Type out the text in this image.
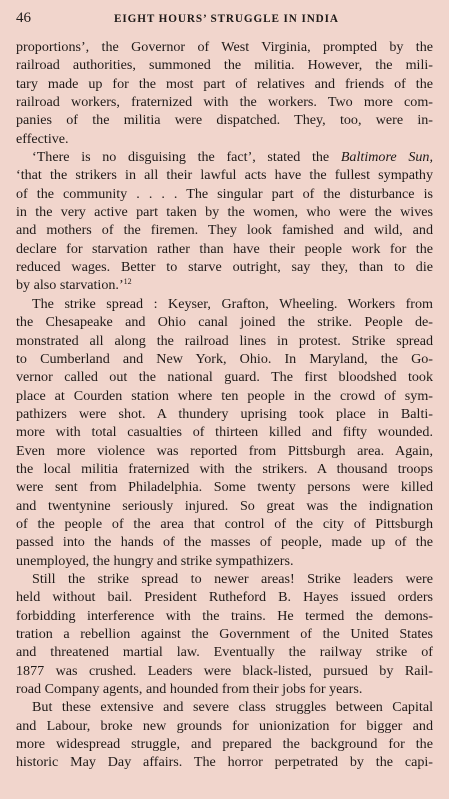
46	EIGHT HOURS’ STRUGGLE IN INDIA
proportions’, the Governor of West Virginia, prompted by the
railroad authorities, summoned the militia. However, the mili-
tary made up for the most part of relatives and friends of the
railroad workers, fraternized with the workers. Two more com-
panies of the militia were dispatched. They, too, were in-
effective.
‘There is no disguising the fact’, stated the Baltimore Sun,
‘that the strikers in all their lawful acts have the fullest sympathy
of the community . . . . The singular part of the disturbance is
in the very active part taken by the women, who were the wives
and mothers of the firemen. They look famished and wild, and
declare for starvation rather than have their people work for the
reduced wages. Better to starve outright, say they, than to die
by also starvation.’$^{12}$
The strike spread : Keyser, Grafton, Wheeling. Workers from
the Chesapeake and Ohio canal joined the strike. People de-
monstrated all along the railroad lines in protest. Strike spread
to Cumberland and New York, Ohio. In Maryland, the Go-
vernor called out the national guard. The first bloodshed took
place at Courden station where ten people in the crowd of sym-
pathizers were shot. A thundery uprising took place in Balti-
more with total casualties of thirteen killed and fifty wounded.
Even more violence was reported from Pittsburgh area. Again,
the local militia fraternized with the strikers. A thousand troops
were sent from Philadelphia. Some twenty persons were killed
and twentynine seriously injured. So great was the indignation
of the people of the area that control of the city of Pittsburgh
passed into the hands of the masses of people, made up of the
unemployed, the hungry and strike sympathizers.
Still the strike spread to newer areas! Strike leaders were
held without bail. President Rutheford B. Hayes issued orders
forbidding interference with the trains. He termed the demons-
tration a rebellion against the Government of the United States
and threatened martial law. Eventually the railway strike of
1877 was crushed. Leaders were black-listed, pursued by Rail-
road Company agents, and hounded from their jobs for years.
But these extensive and severe class struggles between Capital
and Labour, broke new grounds for unionization for bigger and
more widespread struggle, and prepared the background for the
historic May Day affairs. The horror perpetrated by the capi-
